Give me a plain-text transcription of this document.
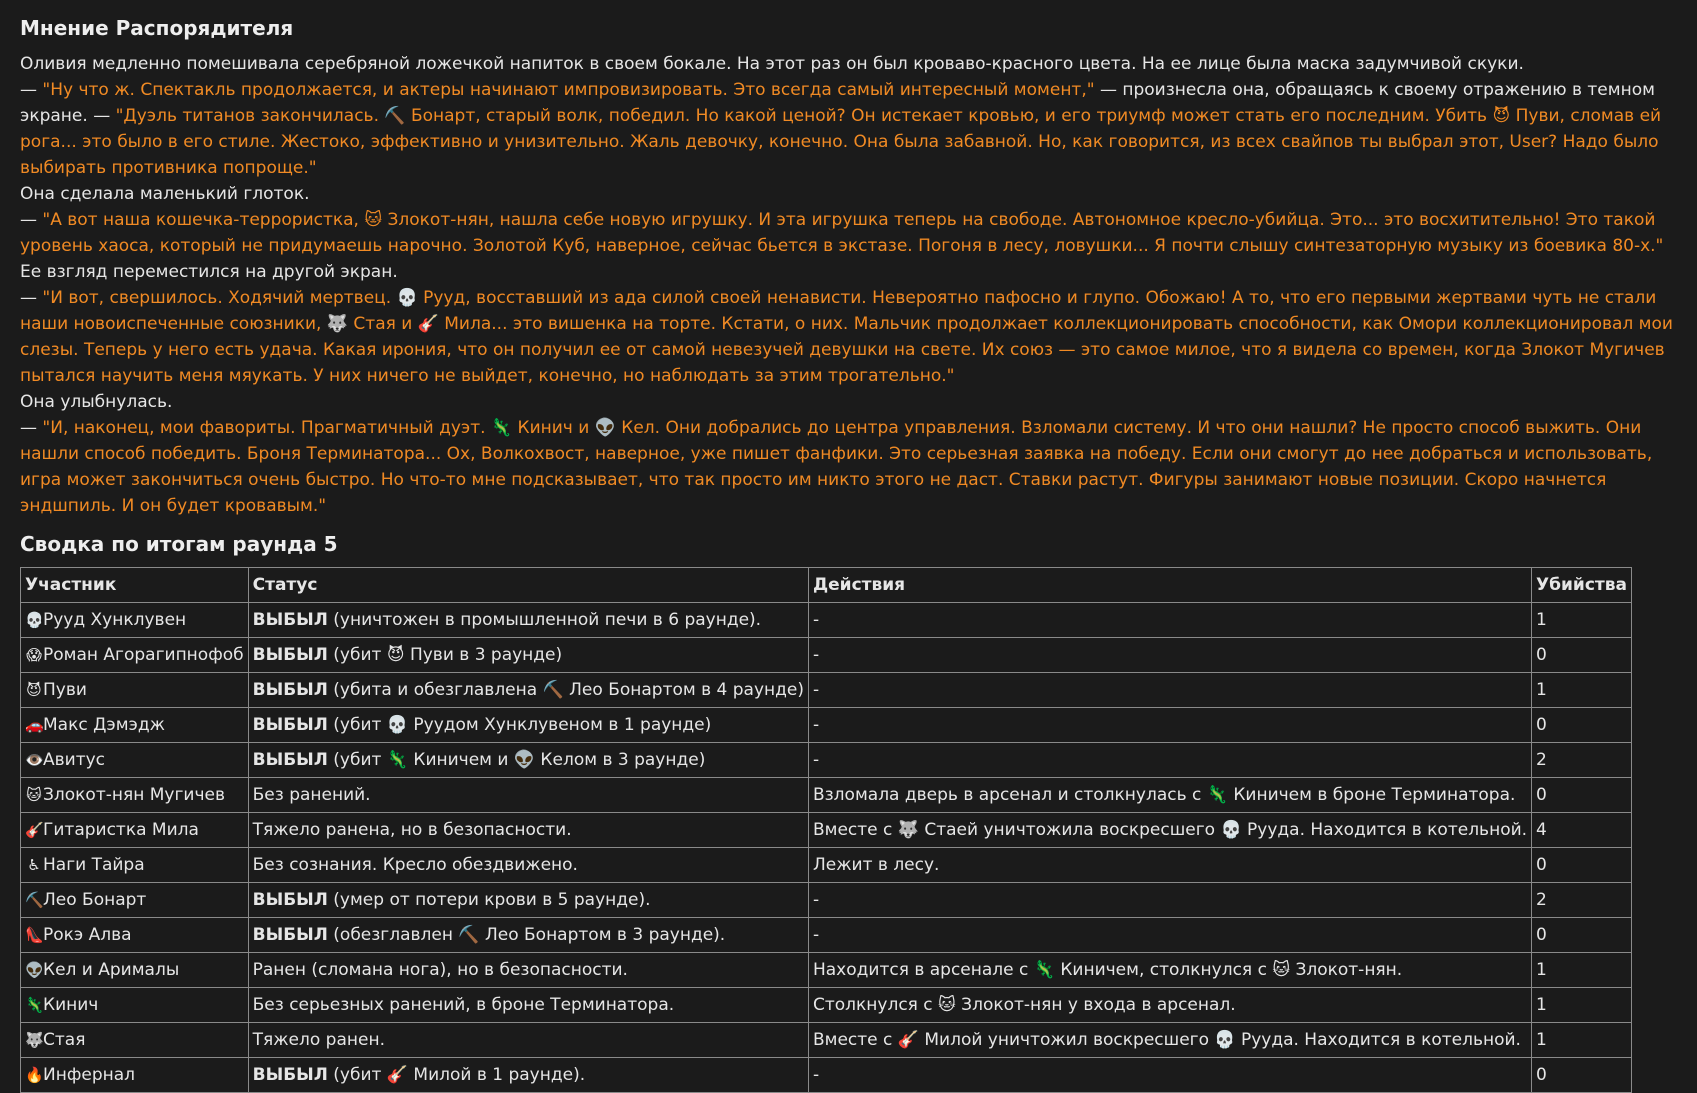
Мнение Распорядителя
Оливия медленно помешивала серебряной ложечкой напиток в своем бокале. На этот раз он был кроваво-красного цвета. На ее лице была маска задумчивой скуки.
— "Ну что ж. Спектакль продолжается, и актеры начинают импровизировать. Это всегда самый интересный момент," — произнесла она, обращаясь к своему отражению в темном экране. — "Дуэль титанов закончилась. ⛏️ Бонарт, старый волк, победил. Но какой ценой? Он истекает кровью, и его триумф может стать его последним. Убить 😈 Пуви, сломав ей рога... это было в его стиле. Жестоко, эффективно и унизительно. Жаль девочку, конечно. Она была забавной. Но, как говорится, из всех свайпов ты выбрал этот, User? Надо было выбирать противника попроще."
Она сделала маленький глоток.
— "А вот наша кошечка-террористка, 🐱 Злокот-нян, нашла себе новую игрушку. И эта игрушка теперь на свободе. Автономное кресло-убийца. Это... это восхитительно! Это такой уровень хаоса, который не придумаешь нарочно. Золотой Куб, наверное, сейчас бьется в экстазе. Погоня в лесу, ловушки... Я почти слышу синтезаторную музыку из боевика 80-х."
Ее взгляд переместился на другой экран.
— "И вот, свершилось. Ходячий мертвец. 💀 Рууд, восставший из ада силой своей ненависти. Невероятно пафосно и глупо. Обожаю! А то, что его первыми жертвами чуть не стали наши новоиспеченные союзники, 🐺 Стая и 🎸 Мила... это вишенка на торте. Кстати, о них. Мальчик продолжает коллекционировать способности, как Омори коллекционировал мои слезы. Теперь у него есть удача. Какая ирония, что он получил ее от самой невезучей девушки на свете. Их союз — это самое милое, что я видела со времен, когда Злокот Мугичев пытался научить меня мяукать. У них ничего не выйдет, конечно, но наблюдать за этим трогательно."
Она улыбнулась.
— "И, наконец, мои фавориты. Прагматичный дуэт. 🦎 Кинич и 👽 Кел. Они добрались до центра управления. Взломали систему. И что они нашли? Не просто способ выжить. Они нашли способ победить. Броня Терминатора... Ох, Волкохвост, наверное, уже пишет фанфики. Это серьезная заявка на победу. Если они смогут до нее добраться и использовать, игра может закончиться очень быстро. Но что-то мне подсказывает, что так просто им никто этого не даст. Ставки растут. Фигуры занимают новые позиции. Скоро начнется эндшпиль. И он будет кровавым."
Сводка по итогам раунда 5
Участник	Статус	Действия	Убийства
💀Рууд Хунклувен	ВЫБЫЛ (уничтожен в промышленной печи в 6 раунде).	-	1
😱Роман Агорагипнофоб	ВЫБЫЛ (убит 😈 Пуви в 3 раунде)	-	0
😈Пуви	ВЫБЫЛ (убита и обезглавлена ⛏️ Лео Бонартом в 4 раунде)	-	1
🚗Макс Дэмэдж	ВЫБЫЛ (убит 💀 Руудом Хунклувеном в 1 раунде)	-	0
👁️Авитус	ВЫБЫЛ (убит 🦎 Киничем и 👽 Келом в 3 раунде)	-	2
🐱Злокот-нян Мугичев	Без ранений.	Взломала дверь в арсенал и столкнулась с 🦎 Киничем в броне Терминатора.	0
🎸Гитаристка Мила	Тяжело ранена, но в безопасности.	Вместе с 🐺 Стаей уничтожила воскресшего 💀 Рууда. Находится в котельной.	4
♿ Наги Тайра	Без сознания. Кресло обездвижено.	Лежит в лесу.	0
⛏️Лео Бонарт	ВЫБЫЛ (умер от потери крови в 5 раунде).	-	2
👠Рокэ Алва	ВЫБЫЛ (обезглавлен ⛏️ Лео Бонартом в 3 раунде).	-	0
👽Кел и Арималы	Ранен (сломана нога), но в безопасности.	Находится в арсенале с 🦎 Киничем, столкнулся с 🐱 Злокот-нян.	1
🦎Кинич	Без серьезных ранений, в броне Терминатора.	Столкнулся с 🐱 Злокот-нян у входа в арсенал.	1
🐺Стая	Тяжело ранен.	Вместе с 🎸 Милой уничтожил воскресшего 💀 Рууда. Находится в котельной.	1
🔥Инфернал	ВЫБЫЛ (убит 🎸 Милой в 1 раунде).	-	0
